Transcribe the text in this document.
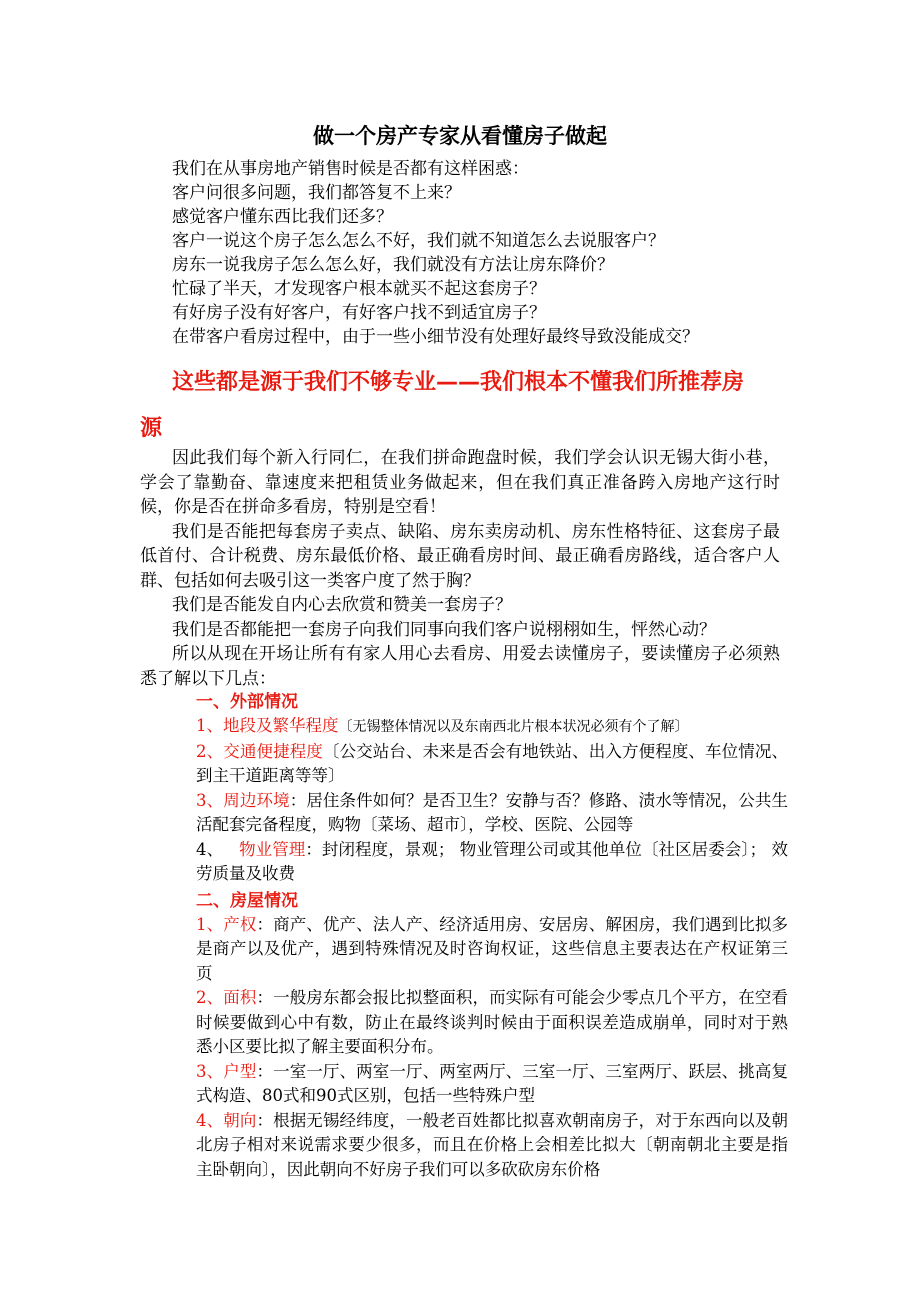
做一个房产专家从看懂房子做起
我们在从事房地产销售时候是否都有这样困惑：
客户问很多问题，我们都答复不上来？
感觉客户懂东西比我们还多？
客户一说这个房子怎么怎么不好，我们就不知道怎么去说服客户？
房东一说我房子怎么怎么好，我们就没有方法让房东降价？
忙碌了半天，才发现客户根本就买不起这套房子？
有好房子没有好客户，有好客户找不到适宜房子？
在带客户看房过程中，由于一些小细节没有处理好最终导致没能成交？
这些都是源于我们不够专业——我们根本不懂我们所推荐房
源

因此我们每个新入行同仁，在我们拼命跑盘时候，我们学会认识无锡大街小巷，学会了靠勤奋、靠速度来把租赁业务做起来，但在我们真正准备跨入房地产这行时候，你是否在拼命多看房，特别是空看！

我们是否能把每套房子卖点、缺陷、房东卖房动机、房东性格特征、这套房子最低首付、合计税费、房东最低价格、最正确看房时间、最正确看房路线，适合客户人群、包括如何去吸引这一类客户度了然于胸？

我们是否能发自内心去欣赏和赞美一套房子？

我们是否都能把一套房子向我们同事向我们客户说栩栩如生，怦然心动？

所以从现在开场让所有有家人用心去看房、用爱去读懂房子，要读懂房子必须熟悉了解以下几点：

一、外部情况

1、地段及繁华程度〔无锡整体情况以及东南西北片根本状况必须有个了解〕

2、交通便捷程度〔公交站台、未来是否会有地铁站、出入方便程度、车位情况、到主干道距离等等〕

3、周边环境：居住条件如何？是否卫生？安静与否？修路、渍水等情况，公共生活配套完备程度，购物〔菜场、超市〕，学校、医院、公园等

4、 物业管理：封闭程度，景观； 物业管理公司或其他单位〔社区居委会〕； 效劳质量及收费

二、房屋情况

1、产权：商产、优产、法人产、经济适用房、安居房、解困房，我们遇到比拟多是商产以及优产，遇到特殊情况及时咨询权证，这些信息主要表达在产权证第三页

2、面积：一般房东都会报比拟整面积，而实际有可能会少零点几个平方，在空看时候要做到心中有数，防止在最终谈判时候由于面积误差造成崩单，同时对于熟悉小区要比拟了解主要面积分布。

3、户型：一室一厅、两室一厅、两室两厅、三室一厅、三室两厅、跃层、挑高复式构造、80式和90式区别，包括一些特殊户型

4、朝向：根据无锡经纬度，一般老百姓都比拟喜欢朝南房子，对于东西向以及朝北房子相对来说需求要少很多，而且在价格上会相差比拟大〔朝南朝北主要是指主卧朝向〕，因此朝向不好房子我们可以多砍砍房东价格
